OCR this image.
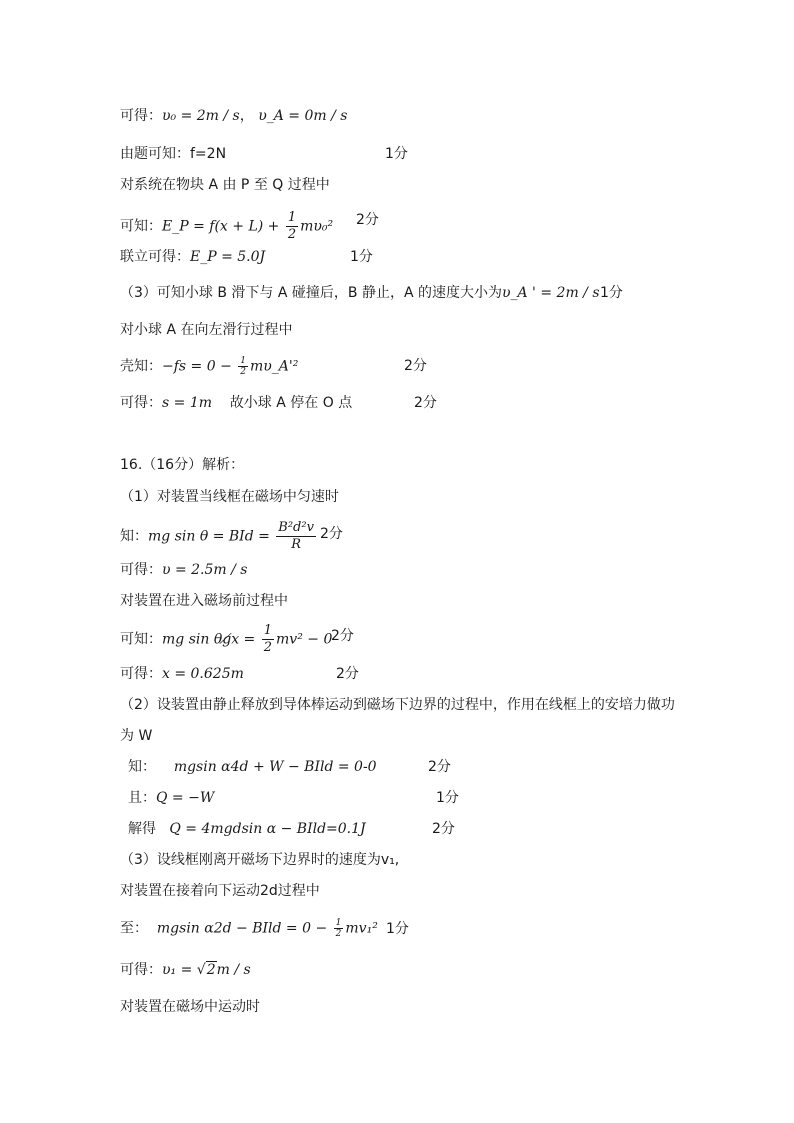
可得：υ₀ = 2m / s， υ_A = 0m / s
由题可知：f=2N	1分
对系统在物块 A 由 P 至 Q 过程中
可知：E_P = $f(x + L) + \frac{1}{2} m\upsilon_0^2$ 2分
联立可得：E_P = 5.0J	1分
（3）可知小球 B 滑下与 A 碰撞后，B 静止，A 的速度大小为υ_A ' = 2m / s 1分
对小球 A 在向左滑行过程中
壳知：$-fs = 0 - \frac{1}{2}$ mυ_A'²	2分
可得：s = 1m 故小球 A 停在 O 点	2分
16.（16分）解析：
（1）对装置当线框在磁场中匀速时
知：mg sin θ = BId = $\frac{\text{B²d²v}}{R} 2$分
可得：υ = 2.5m / s
对装置在进入磁场前过程中
可知：mg sin θg̸x = $\frac{1}{2} mv^2 - 0$
2分
可得：x = 0.625m	2分
（2）设装置由静止释放到导体棒运动到磁场下边界的过程中，作用在线框上的安培力做功
为 W
知： mgsin α4d + W − BIld = 0-0	2分
且：Q = −W	1分
解得 Q = 4mgdsin α − BIld=0.1J	2分
（3）设线框刚离开磁场下边界时的速度为v₁,
对装置在接着向下运动2d过程中
至： mgsin α2d − BIld = $0 - \frac{1}{2} mv_1^2$ 1分
可得：υ₁ = √2m / s
对装置在磁场中运动时
